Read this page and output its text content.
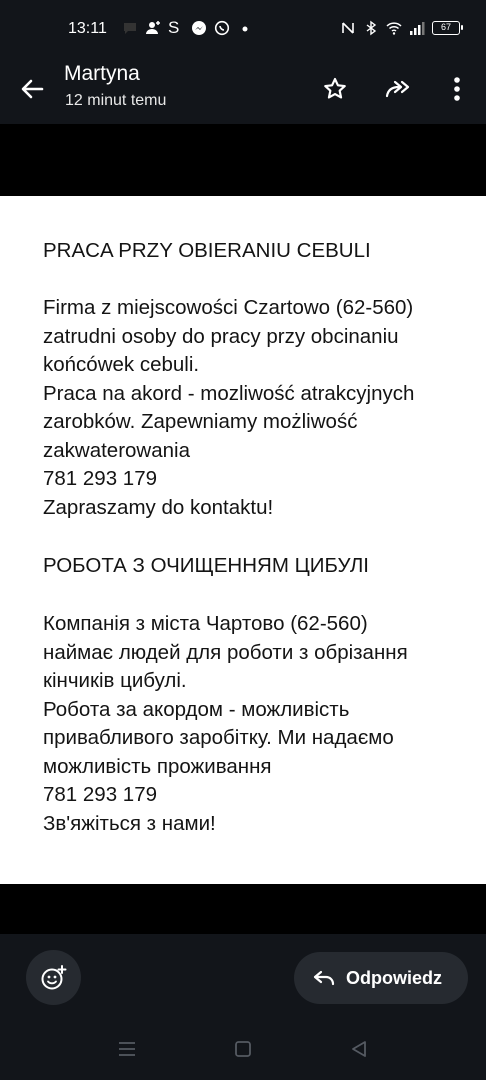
13:11	S	67
Martyna
12 minut temu

PRACA PRZY OBIERANIU CEBULI

Firma z miejscowości Czartowo (62-560)

zatrudni osoby do pracy przy obcinaniu

końcówek cebuli.

Praca na akord - mozliwość atrakcyjnych

zarobków. Zapewniamy możliwość

zakwaterowania

781 293 179

Zapraszamy do kontaktu!

РОБОТА З ОЧИЩЕННЯМ ЦИБУЛІ

Компанія з міста Чартово (62-560)

наймає людей для роботи з обрізання

кінчиків цибулі.

Робота за акордом - можливість

привабливого заробітку. Ми надаємо

можливість проживання

781 293 179

Зв'яжіться з нами!

Odpowiedz
